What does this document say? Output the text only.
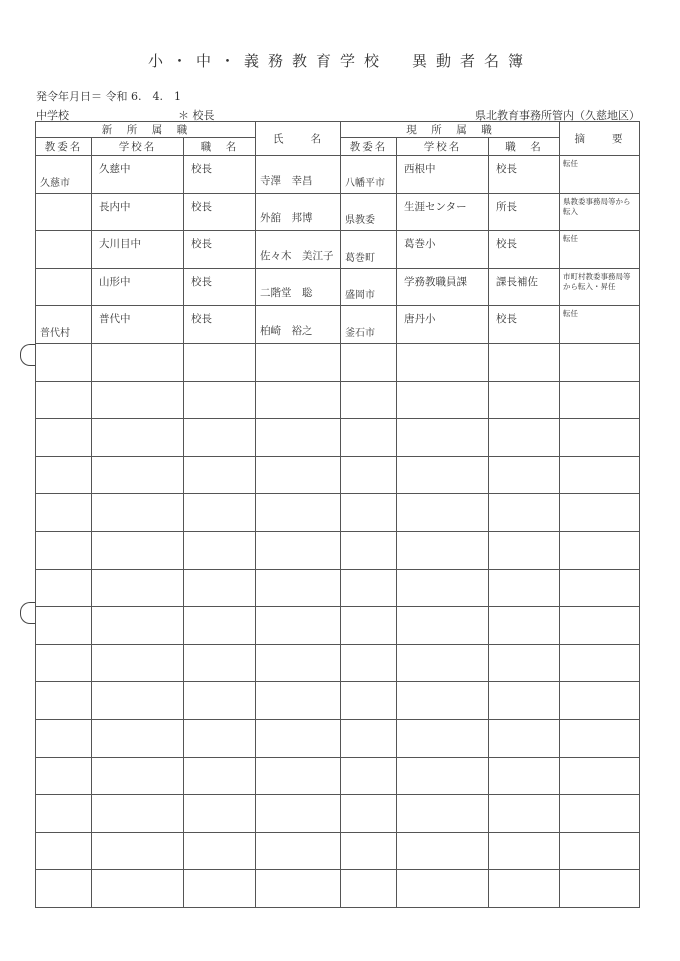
小・中・義務教育学校　異動者名簿
発令年月日＝ 令和 6.　4.　1
中学校	＊ 校長	県北教育事務所管内（久慈地区）
新　所　属　職			氏　　名	現　所　属　職			摘　　要
教委名	学校名	職　名		教委名	学校名	職　名	

久慈市	久慈中	校長	寺澤　幸昌	八幡平市	西根中	校長	転任

	長内中	校長	外舘　邦博	県教委	生涯センター	所長	県教委事務局等から転入

	大川目中	校長	佐々木　美江子	葛巻町	葛巻小	校長	転任

	山形中	校長	二階堂　聡	盛岡市	学務教職員課	課長補佐	市町村教委事務局等から転入・昇任

普代村	普代中	校長	柏崎　裕之	釜石市	唐丹小	校長	転任
